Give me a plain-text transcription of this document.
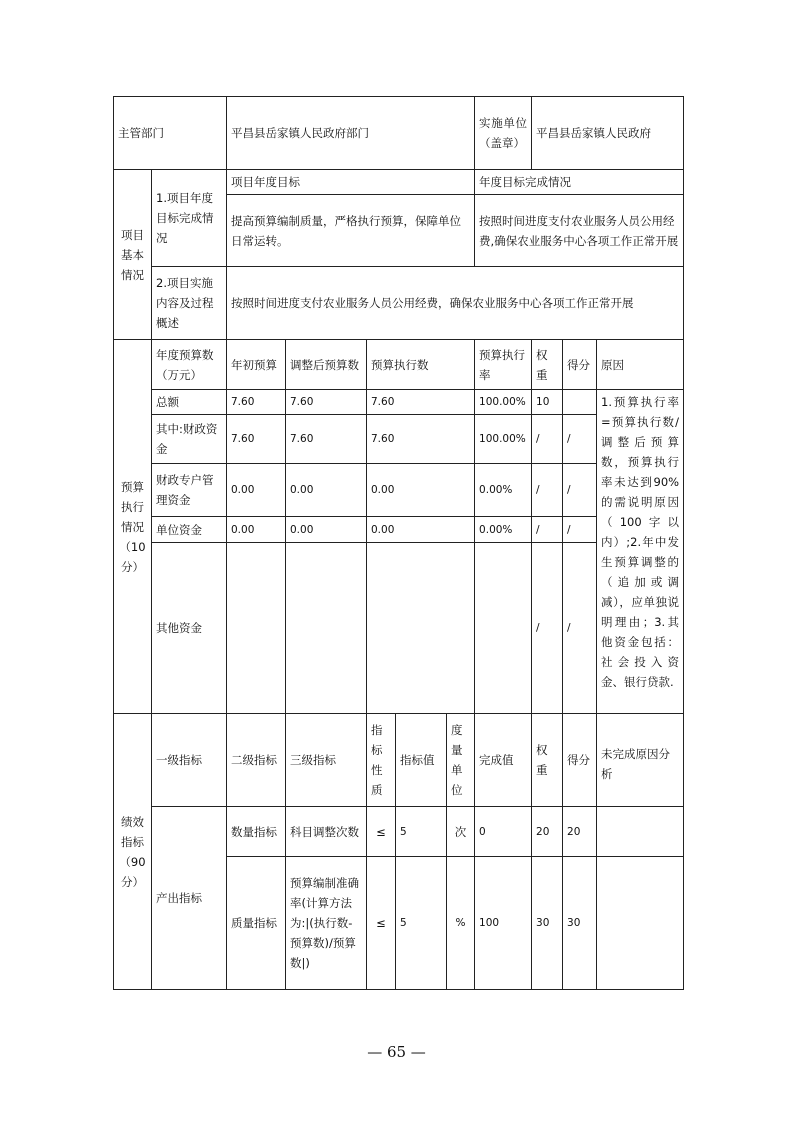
主管部门		平昌县岳家镇人民政府部门					实施单位（盖章）	平昌县岳家镇人民政府		
项目基本情况	1.项目年度目标完成情况	项目年度目标					年度目标完成情况			
		提高预算编制质量，严格执行预算，保障单位日常运转。					按照时间进度支付农业服务人员公用经费,确保农业服务中心各项工作正常开展			
	2.项目实施内容及过程概述	按照时间进度支付农业服务人员公用经费，确保农业服务中心各项工作正常开展								
预算执行情况（10分）	年度预算数（万元）	年初预算	调整后预算数	预算执行数			预算执行率	权重	得分	原因
	总额	7.60	7.60	7.60			100.00%	10		1.预算执行率=预算执行数/调整后预算数，预算执行率未达到90%的需说明原因（100字以内）;2.年中发生预算调整的（追加或调减），应单独说明理由；3.其他资金包括：社会投入资金、银行贷款.
	其中:财政资金	7.60	7.60	7.60			100.00%	/	/	
	财政专户管理资金	0.00	0.00	0.00			0.00%	/	/	
	单位资金	0.00	0.00	0.00			0.00%	/	/	
	其他资金							/	/	
绩效指标（90分）	一级指标	二级指标	三级指标	指标性质	指标值	度量单位	完成值	权重	得分	未完成原因分析
	产出指标	数量指标	科目调整次数	≤	5	次	0	20	20	
		质量指标	预算编制准确率(计算方法为:|(执行数-预算数)/预算数|)	≤	5	%	100	30	30	
— 65 —
